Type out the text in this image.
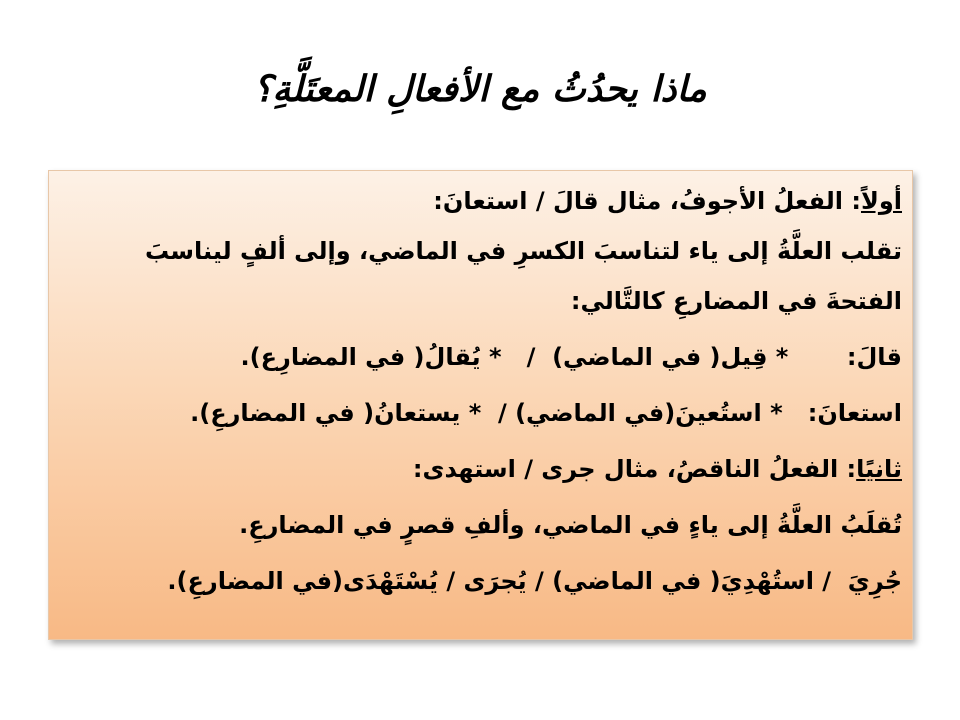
ماذا يحدُثُ مع الأفعالِ المعتَلَّةِ؟
أولاً: الفعلُ الأجوفُ، مثال قالَ / استعانَ:
تقلب العلَّةُ إلى ياء لتناسبَ الكسرِ في الماضي، وإلى ألفٍ ليناسبَ
الفتحةَ في المضارعِ كالتَّالي:
قالَ:       * قِيل( في الماضي)  /   * يُقالُ( في المضارِع).
استعانَ:   * استُعينَ(في الماضي) /  * يستعانُ( في المضارعِ).
ثانيًا: الفعلُ الناقصُ، مثال جرى / استهدى:
تُقلَبُ العلَّةُ إلى ياءٍ في الماضي، وألفِ قصرٍ في المضارعِ.
جُرِيَ  / استُهْدِيَ( في الماضي) / يُجرَى / يُسْتَهْدَى(في المضارعِ).
